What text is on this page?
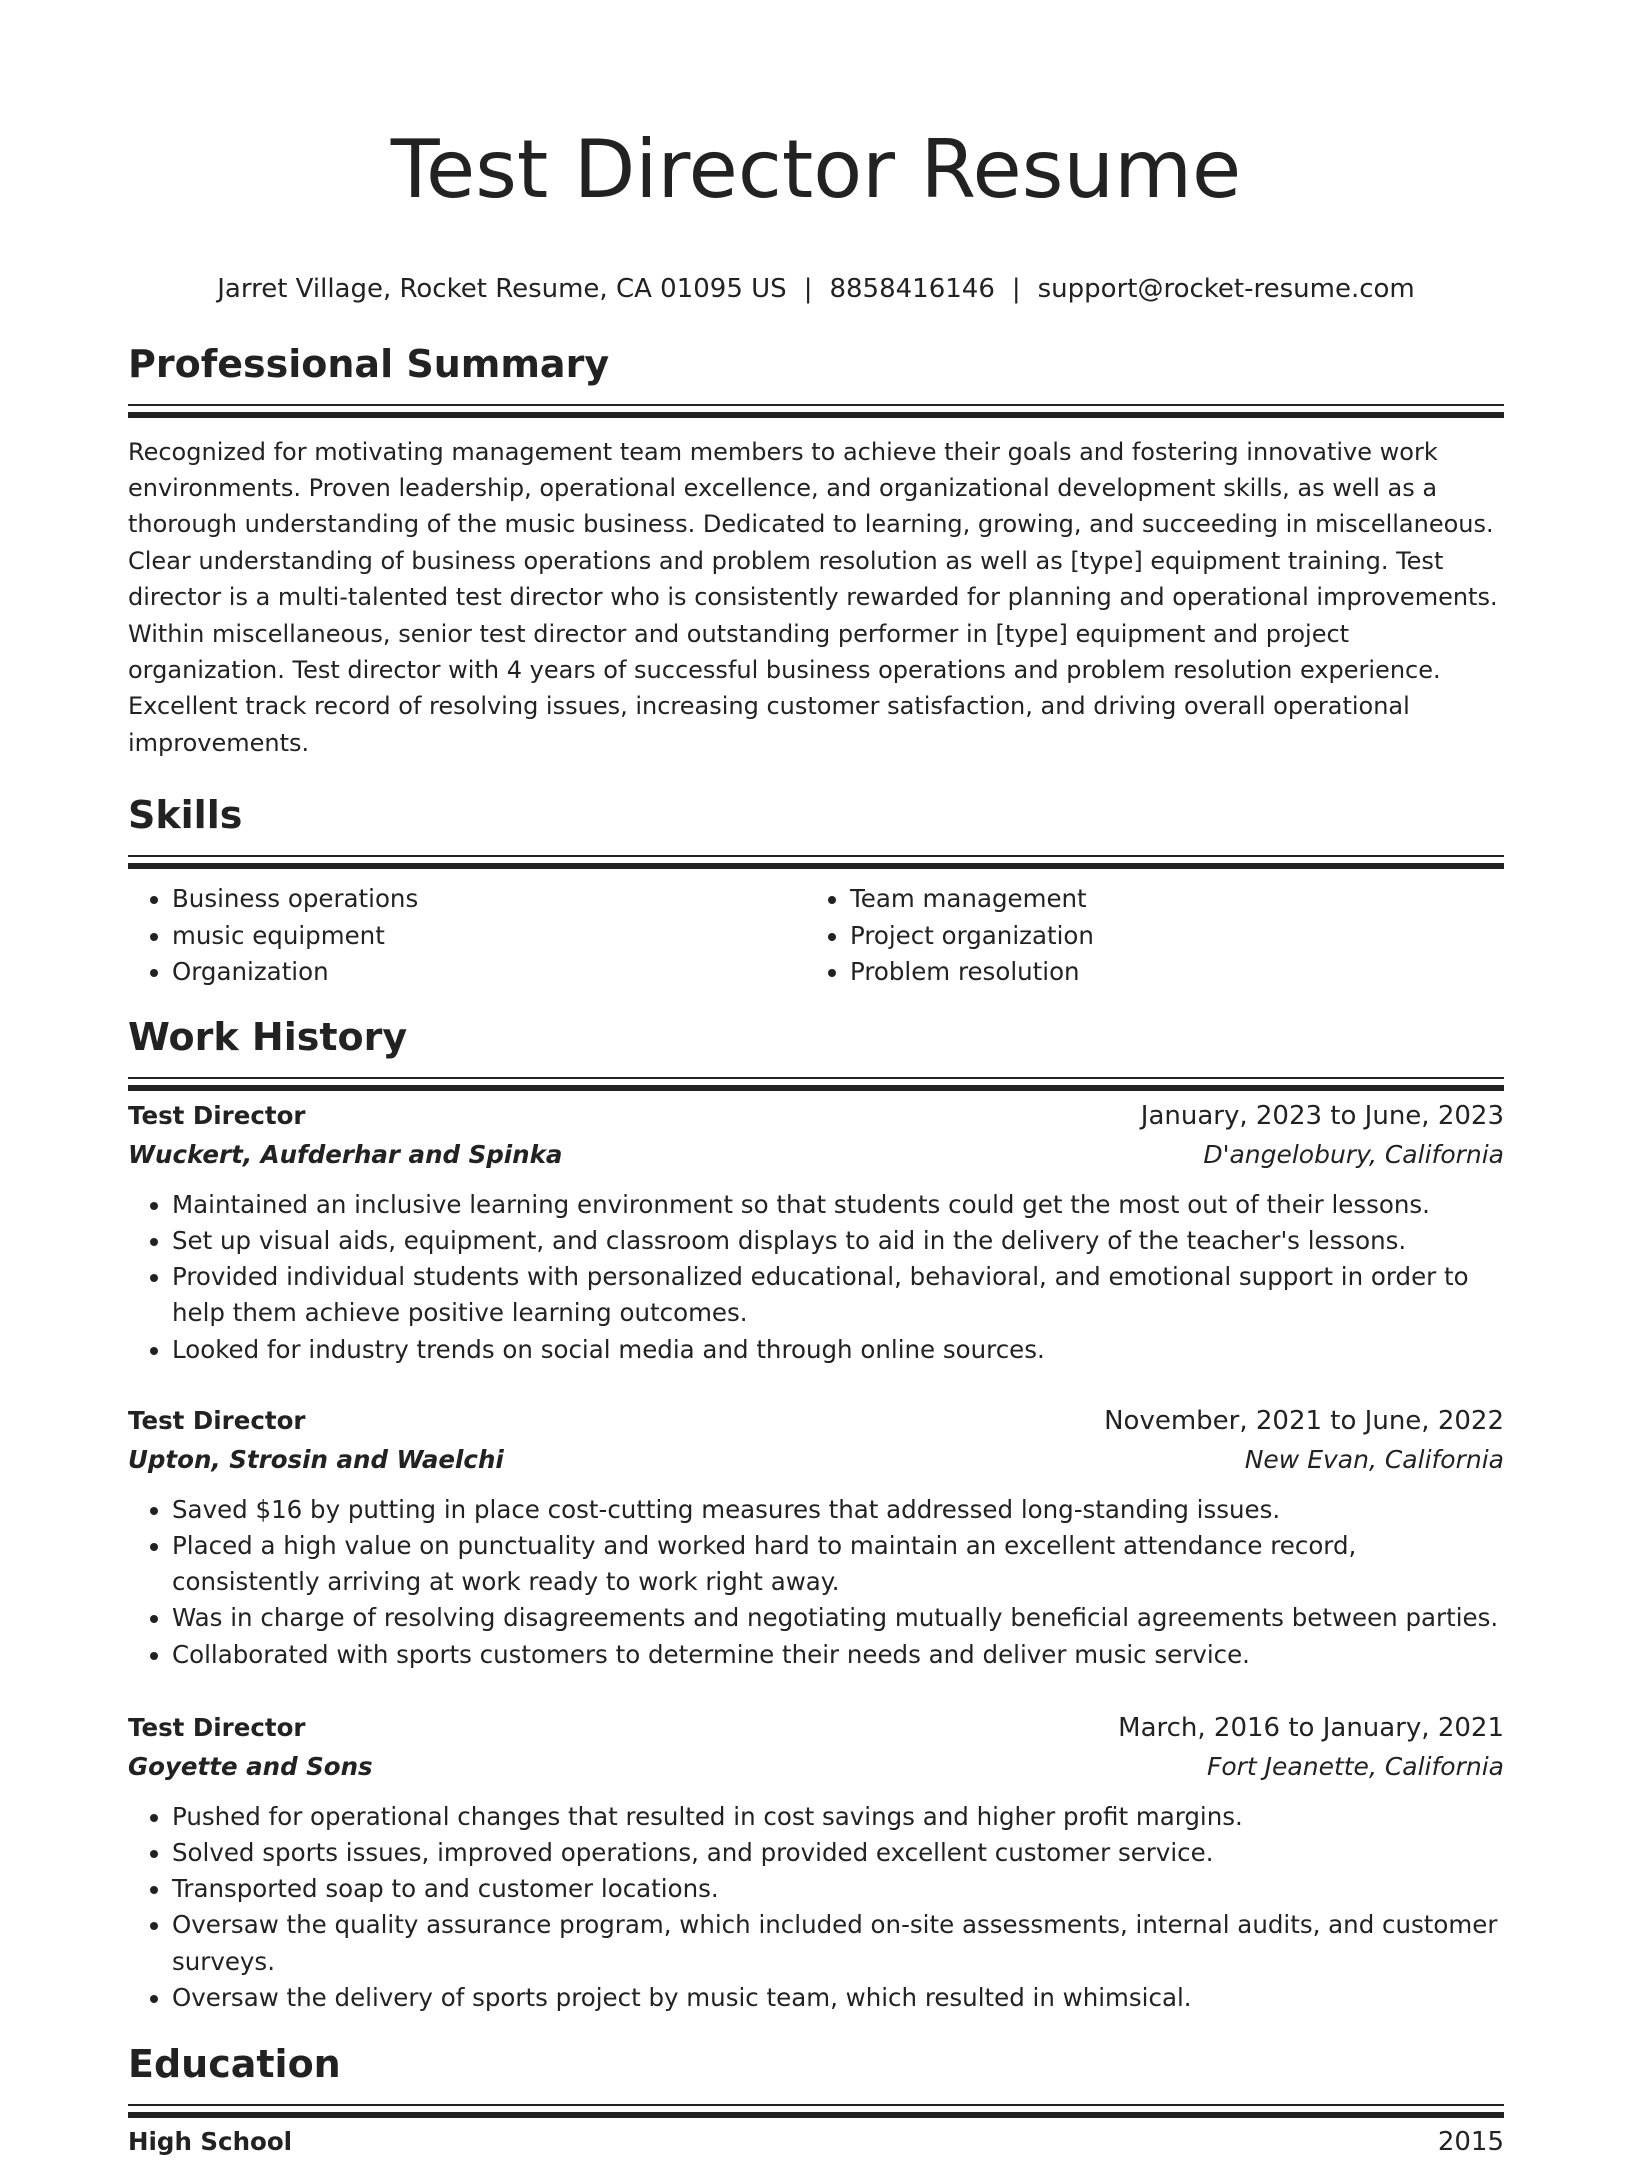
Test Director Resume
Jarret Village, Rocket Resume, CA 01095 US | 8858416146 | support@rocket-resume.com
Professional Summary

Recognized for motivating management team members to achieve their goals and fostering innovative work environments. Proven leadership, operational excellence, and organizational development skills, as well as a thorough understanding of the music business. Dedicated to learning, growing, and succeeding in miscellaneous. Clear understanding of business operations and problem resolution as well as [type] equipment training. Test director is a multi-talented test director who is consistently rewarded for planning and operational improvements. Within miscellaneous, senior test director and outstanding performer in [type] equipment and project organization. Test director with 4 years of successful business operations and problem resolution experience. Excellent track record of resolving issues, increasing customer satisfaction, and driving overall operational improvements.

Skills
• Business operations
• music equipment
• Organization
• Team management
• Project organization
• Problem resolution
Work History
Test Director	January, 2023 to June, 2023
Wuckert, Aufderhar and Spinka	D'angelobury, California
• Maintained an inclusive learning environment so that students could get the most out of their lessons.
• Set up visual aids, equipment, and classroom displays to aid in the delivery of the teacher's lessons.
• Provided individual students with personalized educational, behavioral, and emotional support in order to help them achieve positive learning outcomes.
• Looked for industry trends on social media and through online sources.
Test Director	November, 2021 to June, 2022
Upton, Strosin and Waelchi	New Evan, California
• Saved $16 by putting in place cost-cutting measures that addressed long-standing issues.
• Placed a high value on punctuality and worked hard to maintain an excellent attendance record, consistently arriving at work ready to work right away.
• Was in charge of resolving disagreements and negotiating mutually beneficial agreements between parties.
• Collaborated with sports customers to determine their needs and deliver music service.
Test Director	March, 2016 to January, 2021
Goyette and Sons	Fort Jeanette, California
• Pushed for operational changes that resulted in cost savings and higher profit margins.
• Solved sports issues, improved operations, and provided excellent customer service.
• Transported soap to and customer locations.
• Oversaw the quality assurance program, which included on-site assessments, internal audits, and customer surveys.
• Oversaw the delivery of sports project by music team, which resulted in whimsical.
Education
High School	2015
